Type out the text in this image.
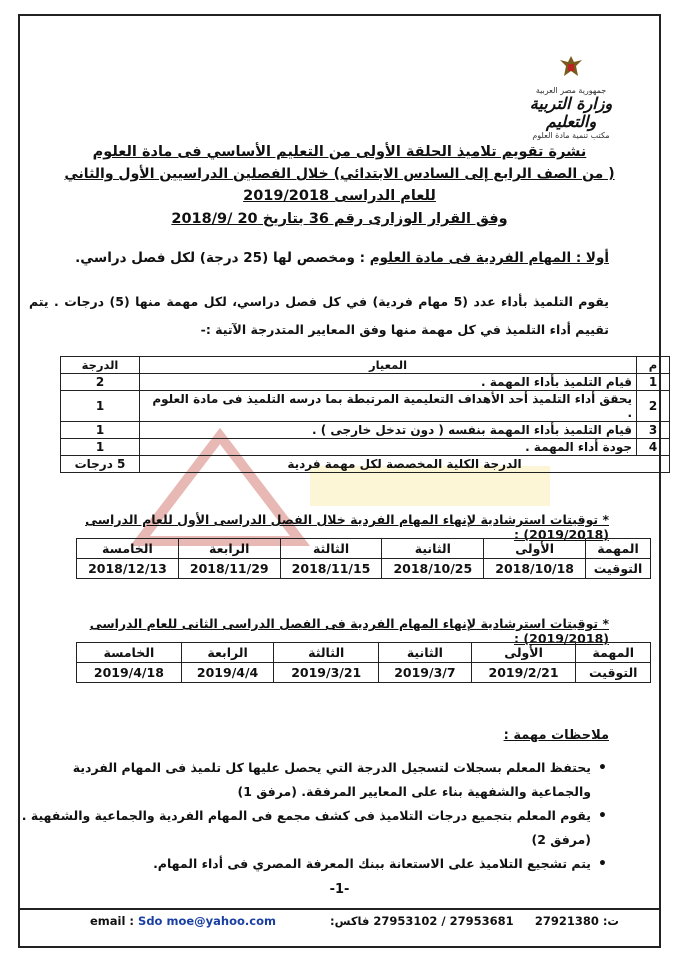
جمهورية مصر العربية
وزارة التربية والتعليم
مكتب تنمية مادة العلوم
نشرة تقويم تلاميذ الحلقة الأولى من التعليم الأساسي فى مادة العلوم
( من الصف الرابع إلى السادس الابتدائي) خلال الفصلين الدراسيين الأول والثاني
للعام الدراسى 2019/2018
وفق القرار الوزارى رقم 36 بتاريخ 20 /2018/9
أولا : المهام الفردية فى مادة العلوم : ومخصص لها (25 درجة) لكل فصل دراسي.
يقوم التلميذ بأداء عدد (5 مهام فردية) في كل فصل دراسي، لكل مهمة منها (5) درجات . يتم تقييم أداء التلميذ في كل مهمة منها وفق المعايير المتدرجة الآتية :-
م	المعيار	الدرجة
1	قيام التلميذ بأداء المهمة .	2
2	يحقق أداء التلميذ أحد الأهداف التعليمية المرتبطة بما درسه التلميذ فى مادة العلوم .	1
3	قيام التلميذ بأداء المهمة بنفسه ( دون تدخل خارجى ) .	1
4	جودة أداء المهمة .	1
الدرجة الكلية المخصصة لكل مهمة فردية		5 درجات
* توقيتات استرشادية لإنهاء المهام الفردية خلال الفصل الدراسى الأول للعام الدراسى (2019/2018) :
المهمة	الأولى	الثانية	الثالثة	الرابعة	الخامسة
التوقيت	2018/10/18	2018/10/25	2018/11/15	2018/11/29	2018/12/13
* توقيتات استرشادية لإنهاء المهام الفردية فى الفصل الدراسى الثانى للعام الدراسى (2019/2018) :
المهمة	الأولى	الثانية	الثالثة	الرابعة	الخامسة
التوقيت	2019/2/21	2019/3/7	2019/3/21	2019/4/4	2019/4/18
ملاحظات مهمة :
• يحتفظ المعلم بسجلات لتسجيل الدرجة التي يحصل عليها كل تلميذ فى المهام الفردية والجماعية والشفهية بناء على المعايير المرفقة. (مرفق 1)
• يقوم المعلم بتجميع درجات التلاميذ فى كشف مجمع فى المهام الفردية والجماعية والشفهية . (مرفق 2)
• يتم تشجيع التلاميذ على الاستعانة ببنك المعرفة المصري فى أداء المهام.
-1-
email : Sdo moe@yahoo.com	27953681 / 27953102 فاكس: ت: 27921380
